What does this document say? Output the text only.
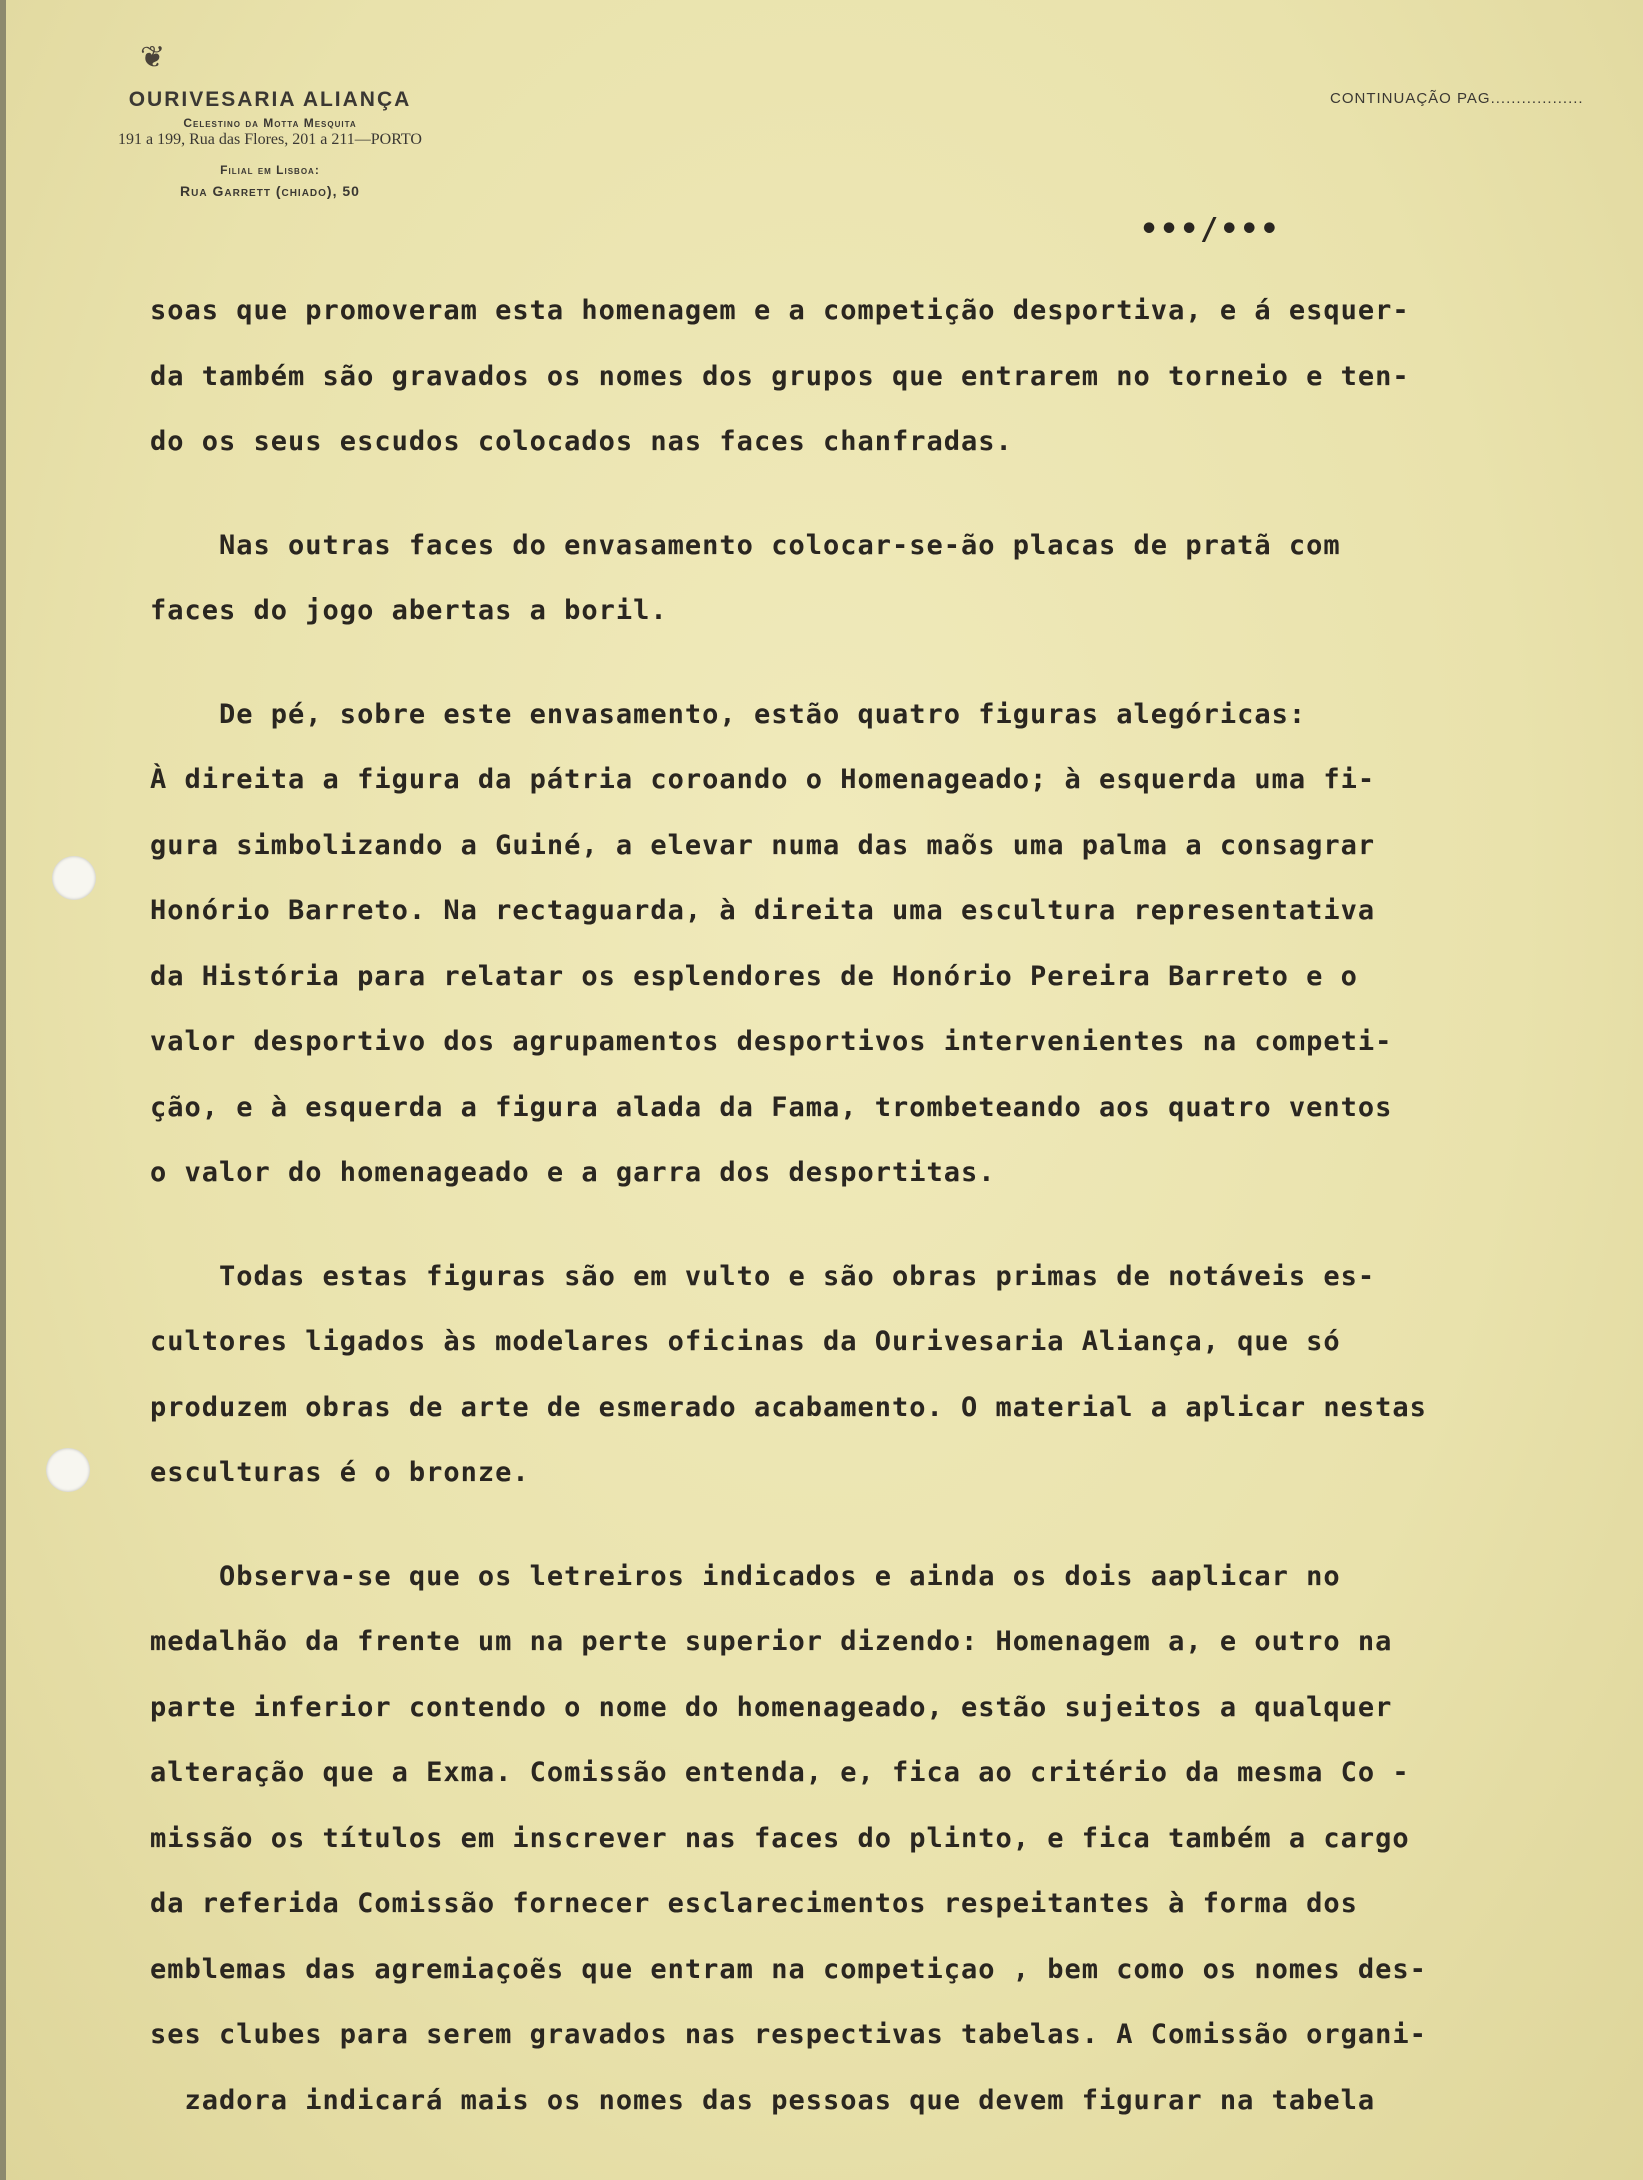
❦
OURIVESARIA ALIANÇA
Celestino da Motta Mesquita
191 a 199, Rua das Flores, 201 a 211—PORTO
Filial em Lisboa:
Rua Garrett (chiado), 50
CONTINUAÇÃO PAG..................
•••/•••
soas que promoveram esta homenagem e a competição desportiva, e á esquer-
da também são gravados os nomes dos grupos que entrarem no torneio e ten-
do os seus escudos colocados nas faces chanfradas.
Nas outras faces do envasamento colocar-se-ão placas de pratã com
faces do jogo abertas a boril.
De pé, sobre este envasamento, estão quatro figuras alegóricas:
À direita a figura da pátria coroando o Homenageado; à esquerda uma fi-
gura simbolizando a Guiné, a elevar numa das maõs uma palma a consagrar
Honório Barreto. Na rectaguarda, à direita uma escultura representativa
da História para relatar os esplendores de Honório Pereira Barreto e o
valor desportivo dos agrupamentos desportivos intervenientes na competi-
ção, e à esquerda a figura alada da Fama, trombeteando aos quatro ventos
o valor do homenageado e a garra dos desportitas.
Todas estas figuras são em vulto e são obras primas de notáveis es-
cultores ligados às modelares oficinas da Ourivesaria Aliança, que só
produzem obras de arte de esmerado acabamento. O material a aplicar nestas
esculturas é o bronze.
Observa-se que os letreiros indicados e ainda os dois aaplicar no
medalhão da frente um na perte superior dizendo: Homenagem a, e outro na
parte inferior contendo o nome do homenageado, estão sujeitos a qualquer
alteração que a Exma. Comissão entenda, e, fica ao critério da mesma Co -
missão os títulos em inscrever nas faces do plinto, e fica também a cargo
da referida Comissão fornecer esclarecimentos respeitantes à forma dos
emblemas das agremiaçoẽs que entram na competiçao , bem como os nomes des-
ses clubes para serem gravados nas respectivas tabelas. A Comissão organi-
zadora indicará mais os nomes das pessoas que devem figurar na tabela
